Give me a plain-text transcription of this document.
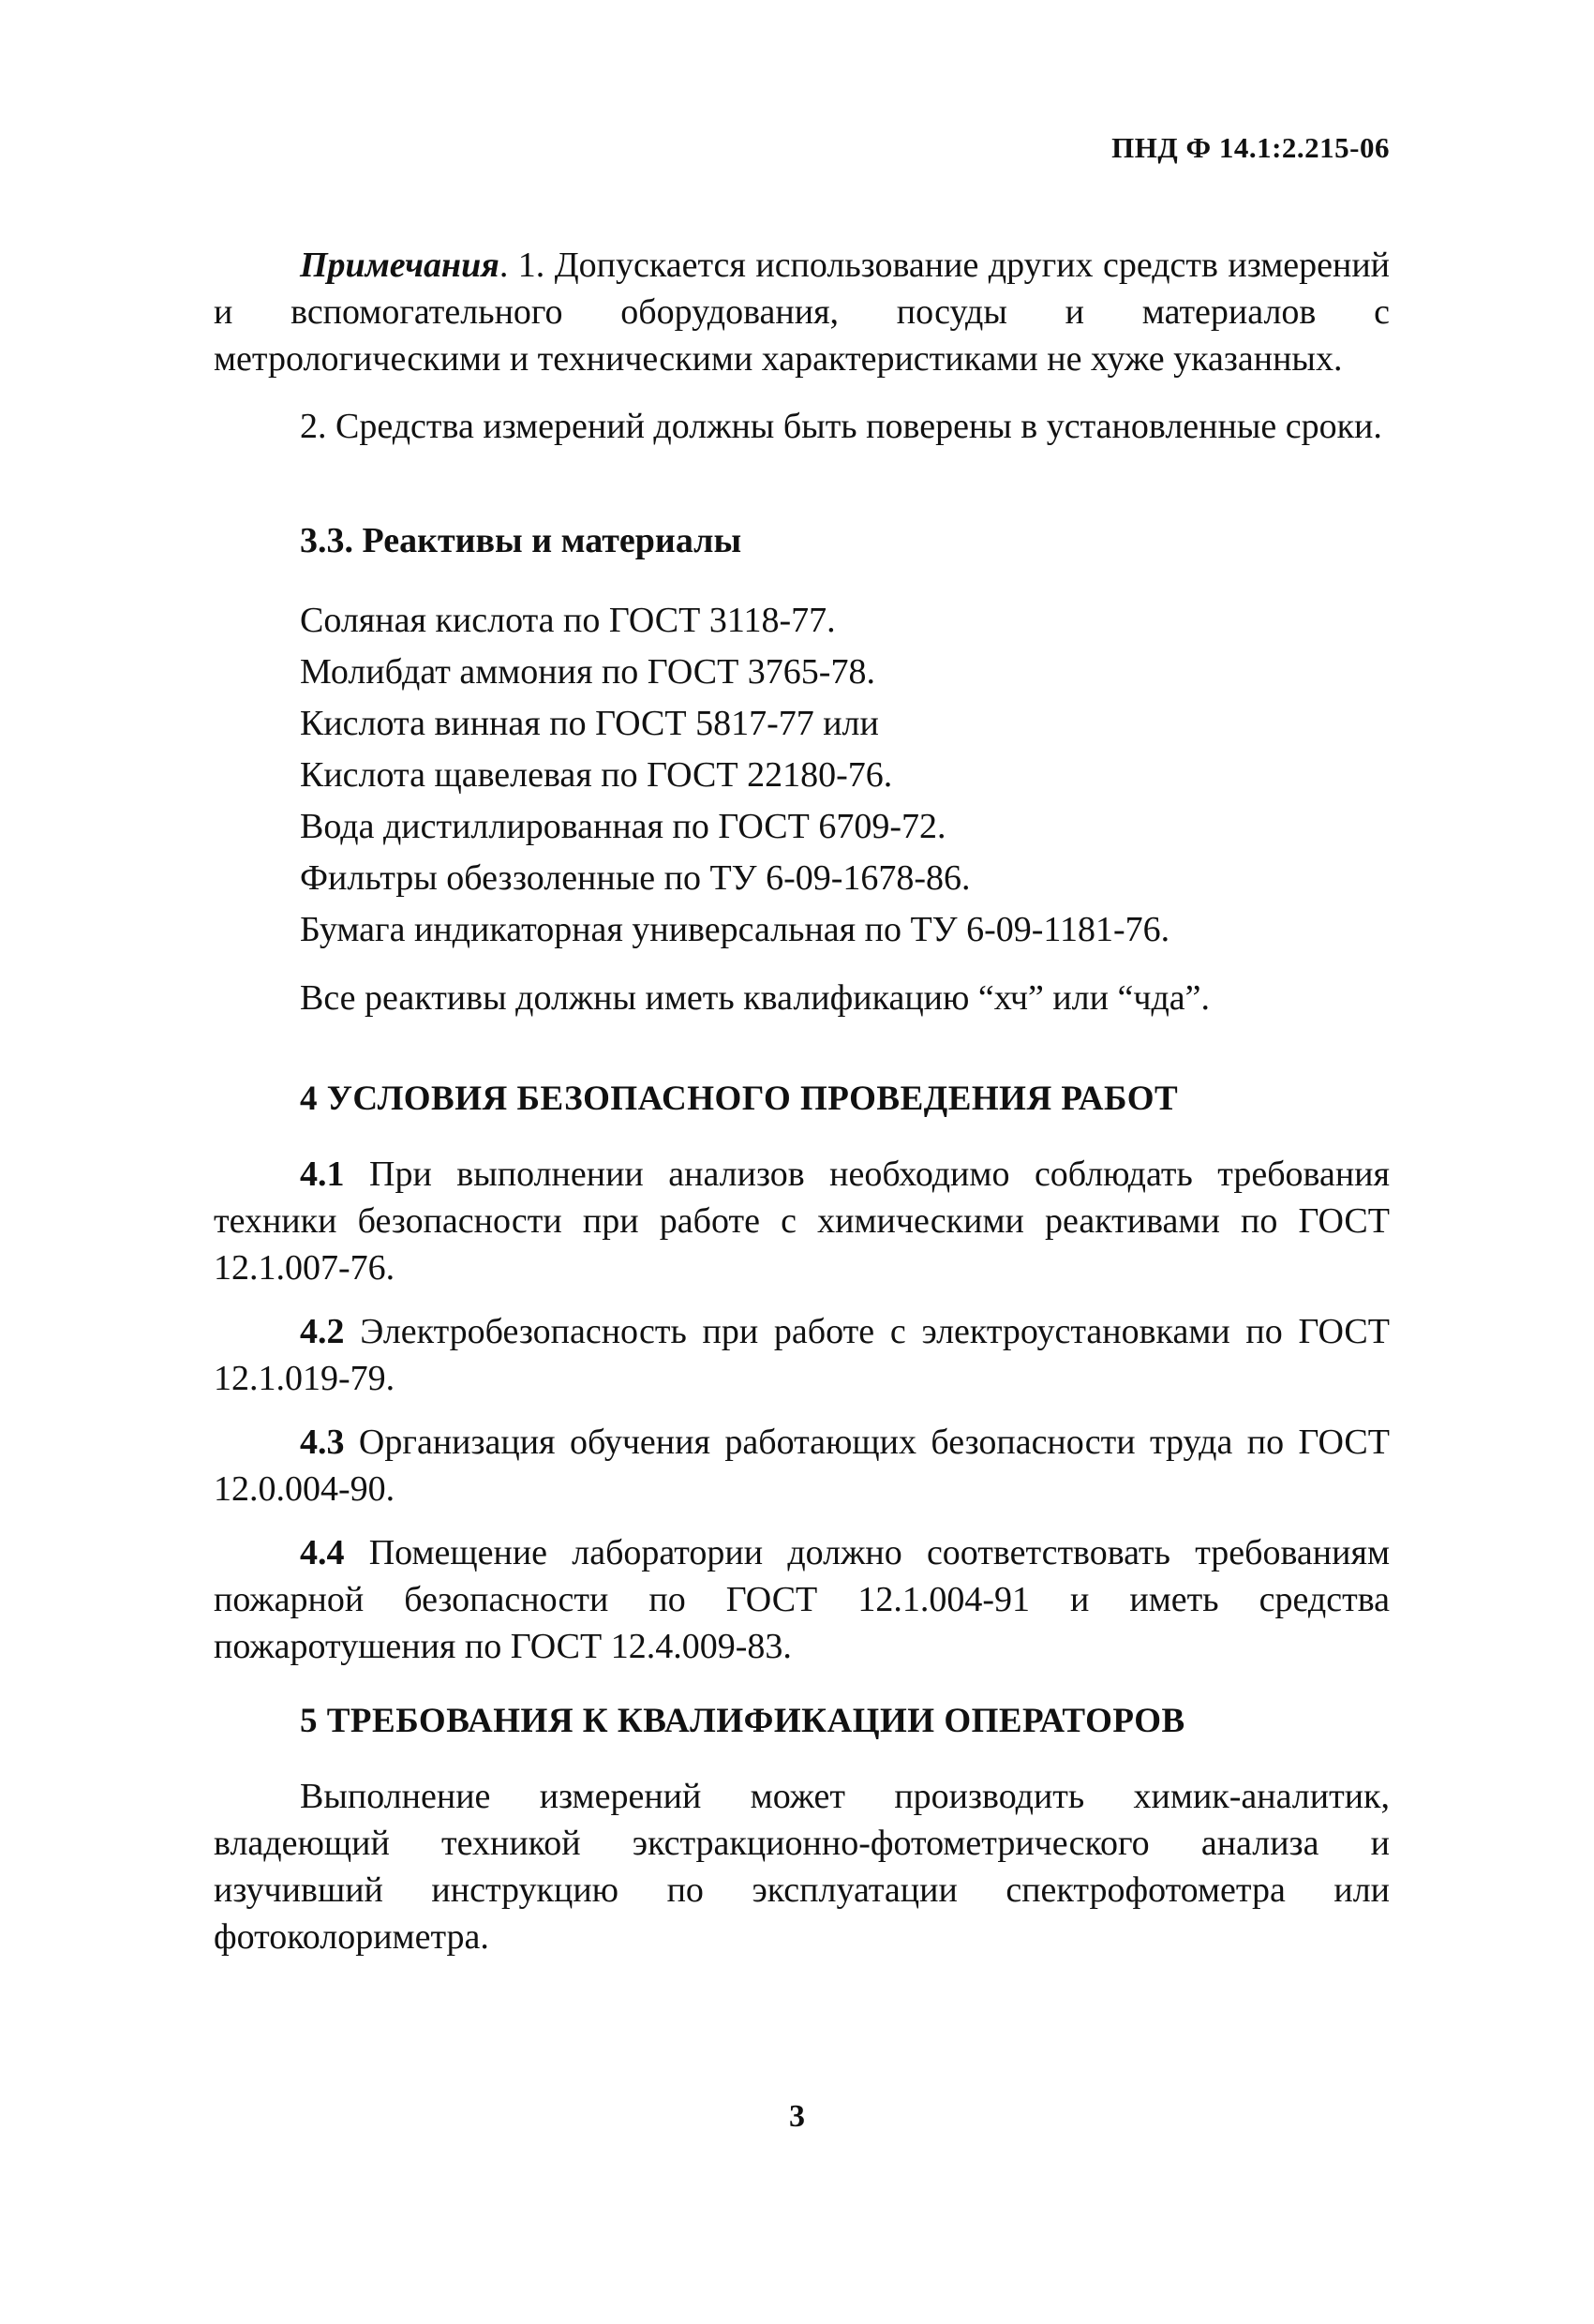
ПНД Ф 14.1:2.215-06

Примечания. 1. Допускается использование других средств измерений и вспомогательного оборудования, посуды и материалов с метрологическими и техническими характеристиками не хуже указанных.

2. Средства измерений должны быть поверены в установленные сроки.

3.3. Реактивы и материалы
Соляная кислота по ГОСТ 3118-77.
Молибдат аммония по ГОСТ 3765-78.
Кислота винная по ГОСТ 5817-77 или
Кислота щавелевая по ГОСТ 22180-76.
Вода дистиллированная по ГОСТ 6709-72.
Фильтры обеззоленные по ТУ 6-09-1678-86.
Бумага индикаторная универсальная по ТУ 6-09-1181-76.

Все реактивы должны иметь квалификацию “хч” или “чда”.

4 УСЛОВИЯ БЕЗОПАСНОГО ПРОВЕДЕНИЯ РАБОТ

4.1 При выполнении анализов необходимо соблюдать требования техники безопасности при работе с химическими реактивами по ГОСТ 12.1.007-76.

4.2 Электробезопасность при работе с электроустановками по ГОСТ 12.1.019-79.

4.3 Организация обучения работающих безопасности труда по ГОСТ 12.0.004-90.

4.4 Помещение лаборатории должно соответствовать требованиям пожарной безопасности по ГОСТ 12.1.004-91 и иметь средства пожаротушения по ГОСТ 12.4.009-83.

5 ТРЕБОВАНИЯ К КВАЛИФИКАЦИИ ОПЕРАТОРОВ

Выполнение измерений может производить химик-аналитик, владеющий техникой экстракционно-фотометрического анализа и изучивший инструкцию по эксплуатации спектрофотометра или фотоколориметра.

3
